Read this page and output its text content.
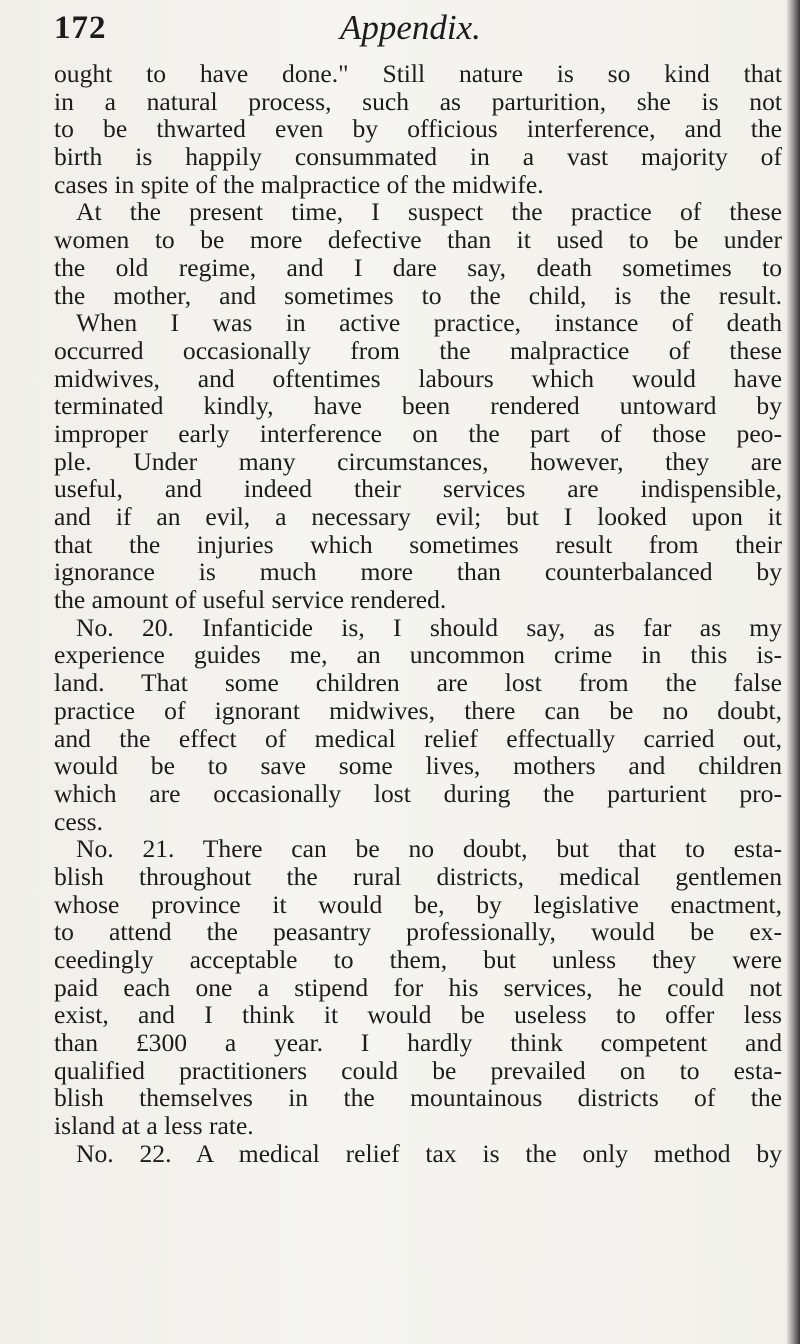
172	Appendix.
ought to have done." Still nature is so kind that
in a natural process, such as parturition, she is not
to be thwarted even by officious interference, and the
birth is happily consummated in a vast majority of
cases in spite of the malpractice of the midwife.
At the present time, I suspect the practice of these
women to be more defective than it used to be under
the old regime, and I dare say, death sometimes to
the mother, and sometimes to the child, is the result.
When I was in active practice, instance of death
occurred occasionally from the malpractice of these
midwives, and oftentimes labours which would have
terminated kindly, have been rendered untoward by
improper early interference on the part of those peo-
ple. Under many circumstances, however, they are
useful, and indeed their services are indispensible,
and if an evil, a necessary evil; but I looked upon it
that the injuries which sometimes result from their
ignorance is much more than counterbalanced by
the amount of useful service rendered.
No. 20. Infanticide is, I should say, as far as my
experience guides me, an uncommon crime in this is-
land. That some children are lost from the false
practice of ignorant midwives, there can be no doubt,
and the effect of medical relief effectually carried out,
would be to save some lives, mothers and children
which are occasionally lost during the parturient pro-
cess.
No. 21. There can be no doubt, but that to esta-
blish throughout the rural districts, medical gentlemen
whose province it would be, by legislative enactment,
to attend the peasantry professionally, would be ex-
ceedingly acceptable to them, but unless they were
paid each one a stipend for his services, he could not
exist, and I think it would be useless to offer less
than £300 a year. I hardly think competent and
qualified practitioners could be prevailed on to esta-
blish themselves in the mountainous districts of the
island at a less rate.
No. 22. A medical relief tax is the only method by
